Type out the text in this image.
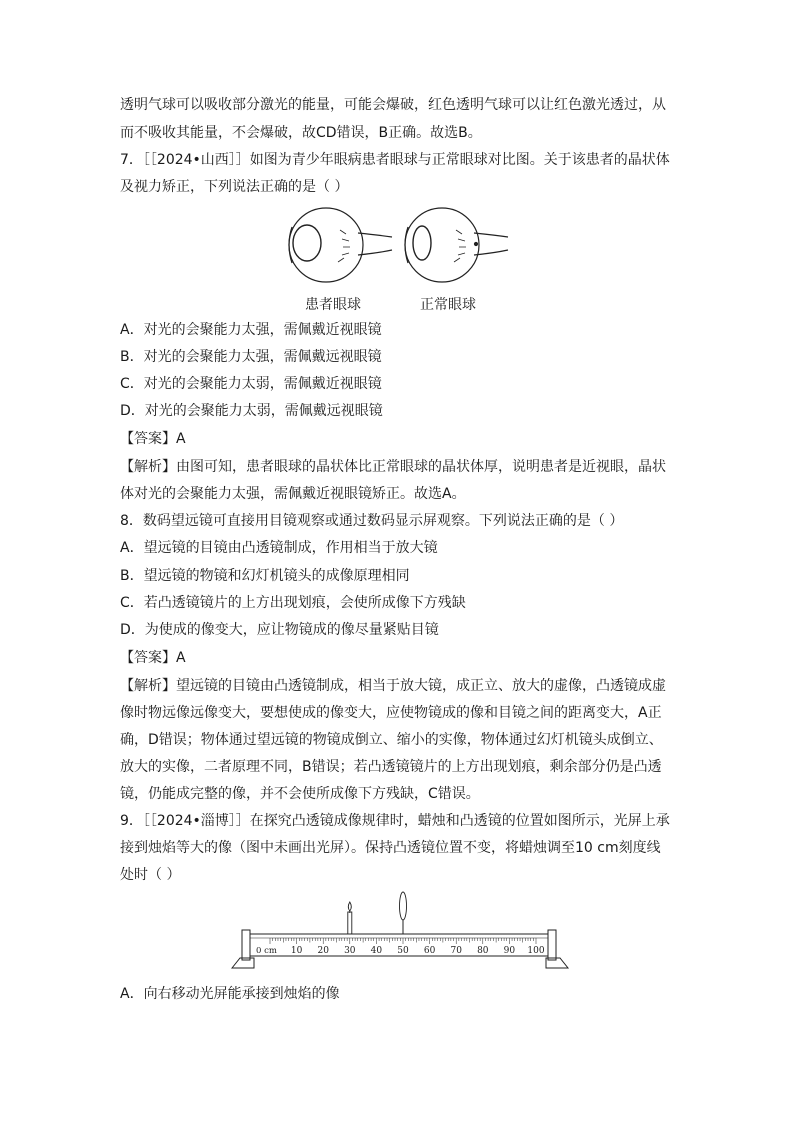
透明气球可以吸收部分激光的能量，可能会爆破，红色透明气球可以让红色激光透过，从
而不吸收其能量，不会爆破，故CD错误，B正确。故选B。
7．［［2024•山西］］如图为青少年眼病患者眼球与正常眼球对比图。关于该患者的晶状体
及视力矫正，下列说法正确的是（ ）
患者眼球	正常眼球
A．对光的会聚能力太强，需佩戴近视眼镜
B．对光的会聚能力太强，需佩戴远视眼镜
C．对光的会聚能力太弱，需佩戴近视眼镜
D．对光的会聚能力太弱，需佩戴远视眼镜
【答案】A
【解析】由图可知，患者眼球的晶状体比正常眼球的晶状体厚，说明患者是近视眼，晶状
体对光的会聚能力太强，需佩戴近视眼镜矫正。故选A。
8．数码望远镜可直接用目镜观察或通过数码显示屏观察。下列说法正确的是（ ）
A．望远镜的目镜由凸透镜制成，作用相当于放大镜
B．望远镜的物镜和幻灯机镜头的成像原理相同
C．若凸透镜镜片的上方出现划痕，会使所成像下方残缺
D．为使成的像变大，应让物镜成的像尽量紧贴目镜
【答案】A
【解析】望远镜的目镜由凸透镜制成，相当于放大镜，成正立、放大的虚像，凸透镜成虚
像时物远像远像变大，要想使成的像变大，应使物镜成的像和目镜之间的距离变大，A正
确，D错误；物体通过望远镜的物镜成倒立、缩小的实像，物体通过幻灯机镜头成倒立、
放大的实像，二者原理不同，B错误；若凸透镜镜片的上方出现划痕，剩余部分仍是凸透
镜，仍能成完整的像，并不会使所成像下方残缺，C错误。
9．［［2024•淄博］］在探究凸透镜成像规律时，蜡烛和凸透镜的位置如图所示，光屏上承
接到烛焰等大的像（图中未画出光屏）。保持凸透镜位置不变，将蜡烛调至10 cm刻度线
处时（ ）
10 20 30 40 50 60 70 80 90 100
0 cm
A．向右移动光屏能承接到烛焰的像
